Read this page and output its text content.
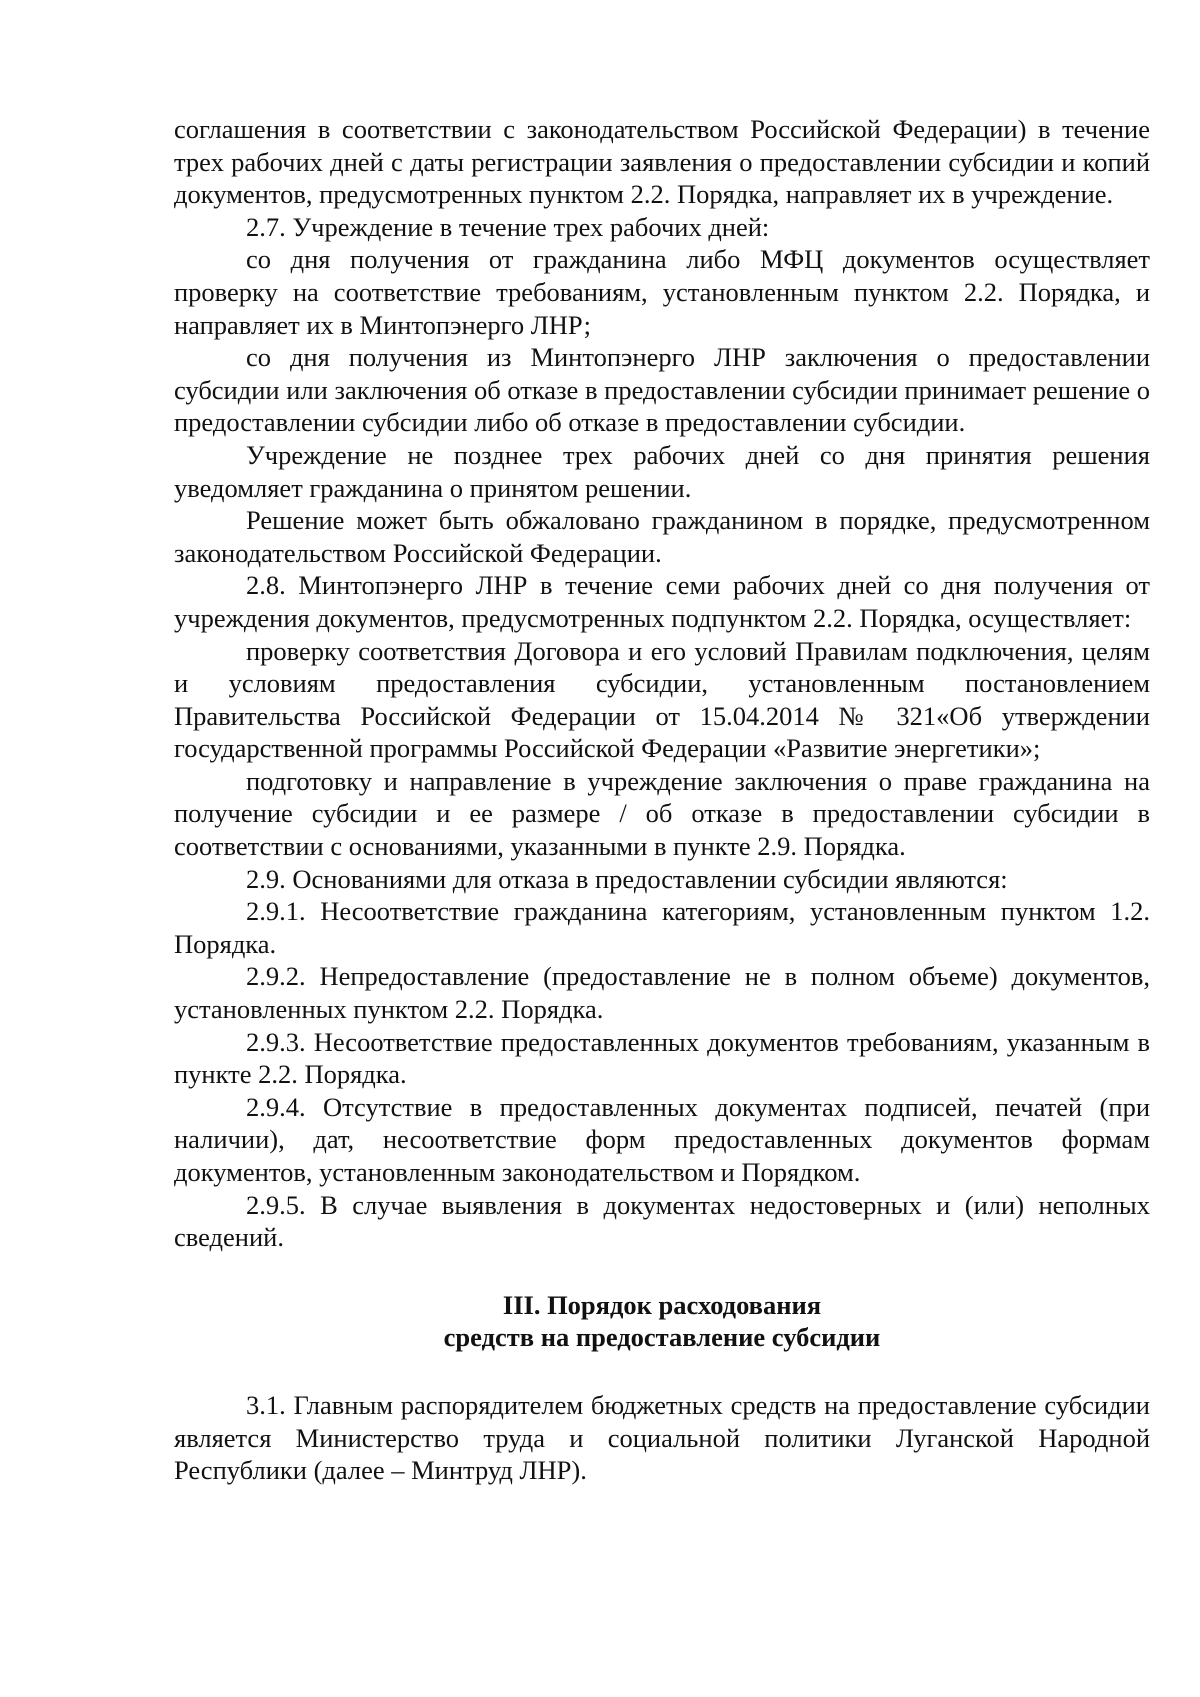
соглашения в соответствии с законодательством Российской Федерации) в течение трех рабочих дней с даты регистрации заявления о предоставлении субсидии и копий документов, предусмотренных пунктом 2.2. Порядка, направляет их в учреждение.

2.7. Учреждение в течение трех рабочих дней:

со дня получения от гражданина либо МФЦ документов осуществляет проверку на соответствие требованиям, установленным пунктом 2.2. Порядка, и направляет их в Минтопэнерго ЛНР;

со дня получения из Минтопэнерго ЛНР заключения о предоставлении субсидии или заключения об отказе в предоставлении субсидии принимает решение о предоставлении субсидии либо об отказе в предоставлении субсидии.

Учреждение не позднее трех рабочих дней со дня принятия решения уведомляет гражданина о принятом решении.

Решение может быть обжаловано гражданином в порядке, предусмотренном законодательством Российской Федерации.

2.8. Минтопэнерго ЛНР в течение семи рабочих дней со дня получения от учреждения документов, предусмотренных подпунктом 2.2. Порядка, осуществляет:

проверку соответствия Договора и его условий Правилам подключения, целям и условиям предоставления субсидии, установленным постановлением Правительства Российской Федерации от 15.04.2014 № 321«Об утверждении государственной программы Российской Федерации «Развитие энергетики»;

подготовку и направление в учреждение заключения о праве гражданина на получение субсидии и ее размере / об отказе в предоставлении субсидии в соответствии с основаниями, указанными в пункте 2.9. Порядка.

2.9. Основаниями для отказа в предоставлении субсидии являются:

2.9.1. Несоответствие гражданина категориям, установленным пунктом 1.2. Порядка.

2.9.2. Непредоставление (предоставление не в полном объеме) документов, установленных пунктом 2.2. Порядка.

2.9.3. Несоответствие предоставленных документов требованиям, указанным в пункте 2.2. Порядка.

2.9.4. Отсутствие в предоставленных документах подписей, печатей (при наличии), дат, несоответствие форм предоставленных документов формам документов, установленным законодательством и Порядком.

2.9.5. В случае выявления в документах недостоверных и (или) неполных сведений.

III. Порядок расходования

средств на предоставление субсидии

3.1. Главным распорядителем бюджетных средств на предоставление субсидии является Министерство труда и социальной политики Луганской Народной Республики (далее – Минтруд ЛНР).
